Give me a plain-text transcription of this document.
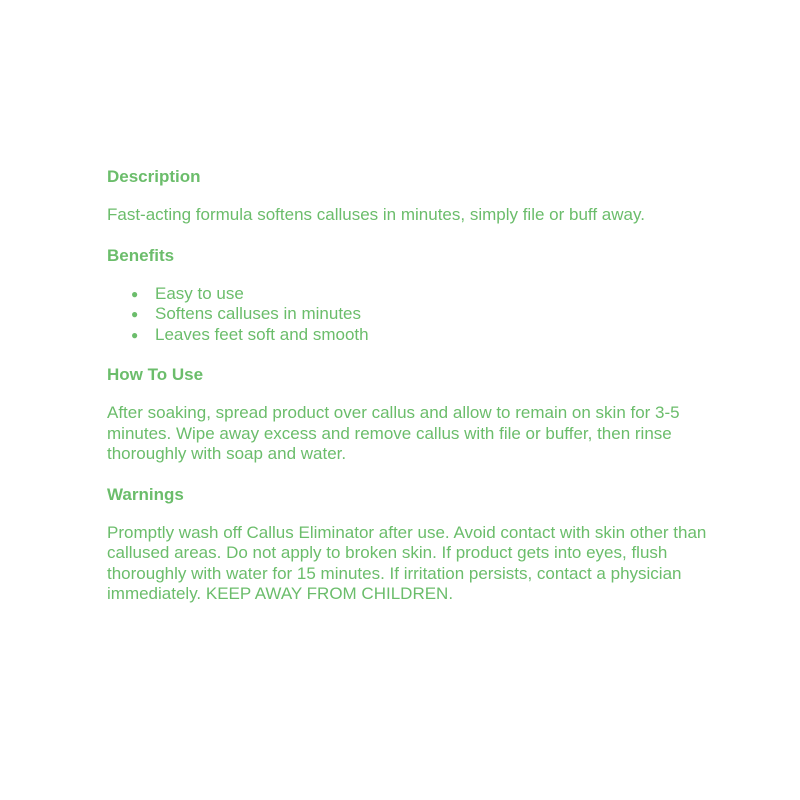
Description

Fast-acting formula softens calluses in minutes, simply file or buff away.

Benefits
● Easy to use
● Softens calluses in minutes
● Leaves feet soft and smooth
How To Use

After soaking, spread product over callus and allow to remain on skin for 3-5 minutes. Wipe away excess and remove callus with file or buffer, then rinse thoroughly with soap and water.

Warnings

Promptly wash off Callus Eliminator after use. Avoid contact with skin other than callused areas. Do not apply to broken skin. If product gets into eyes, flush thoroughly with water for 15 minutes. If irritation persists, contact a physician immediately. KEEP AWAY FROM CHILDREN.
